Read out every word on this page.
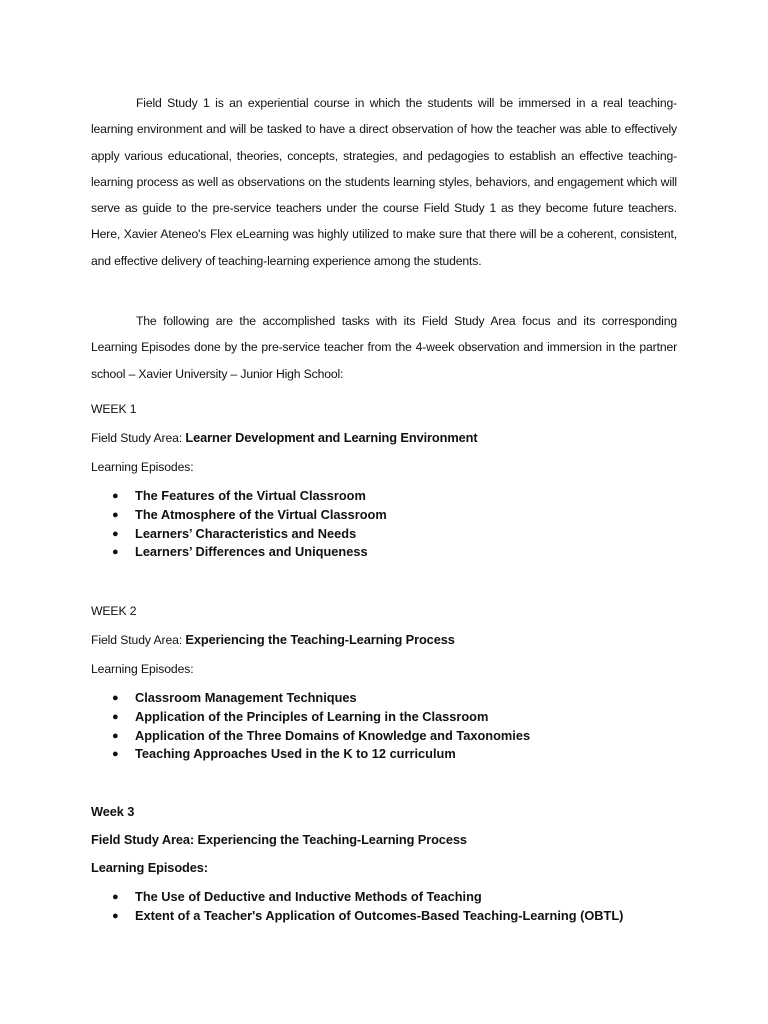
Field Study 1 is an experiential course in which the students will be immersed in a real teaching-learning environment and will be tasked to have a direct observation of how the teacher was able to effectively apply various educational, theories, concepts, strategies, and pedagogies to establish an effective teaching-learning process as well as observations on the students learning styles, behaviors, and engagement which will serve as guide to the pre-service teachers under the course Field Study 1 as they become future teachers. Here, Xavier Ateneo's Flex eLearning was highly utilized to make sure that there will be a coherent, consistent, and effective delivery of teaching-learning experience among the students.

The following are the accomplished tasks with its Field Study Area focus and its corresponding Learning Episodes done by the pre-service teacher from the 4-week observation and immersion in the partner school – Xavier University – Junior High School:

WEEK 1

Field Study Area: Learner Development and Learning Environment

Learning Episodes:

● The Features of the Virtual Classroom
● The Atmosphere of the Virtual Classroom
● Learners’ Characteristics and Needs
● Learners’ Differences and Uniqueness

WEEK 2

Field Study Area: Experiencing the Teaching-Learning Process

Learning Episodes:

● Classroom Management Techniques
● Application of the Principles of Learning in the Classroom
● Application of the Three Domains of Knowledge and Taxonomies
● Teaching Approaches Used in the K to 12 curriculum

Week 3

Field Study Area: Experiencing the Teaching-Learning Process

Learning Episodes:

● The Use of Deductive and Inductive Methods of Teaching
● Extent of a Teacher's Application of Outcomes-Based Teaching-Learning (OBTL)
